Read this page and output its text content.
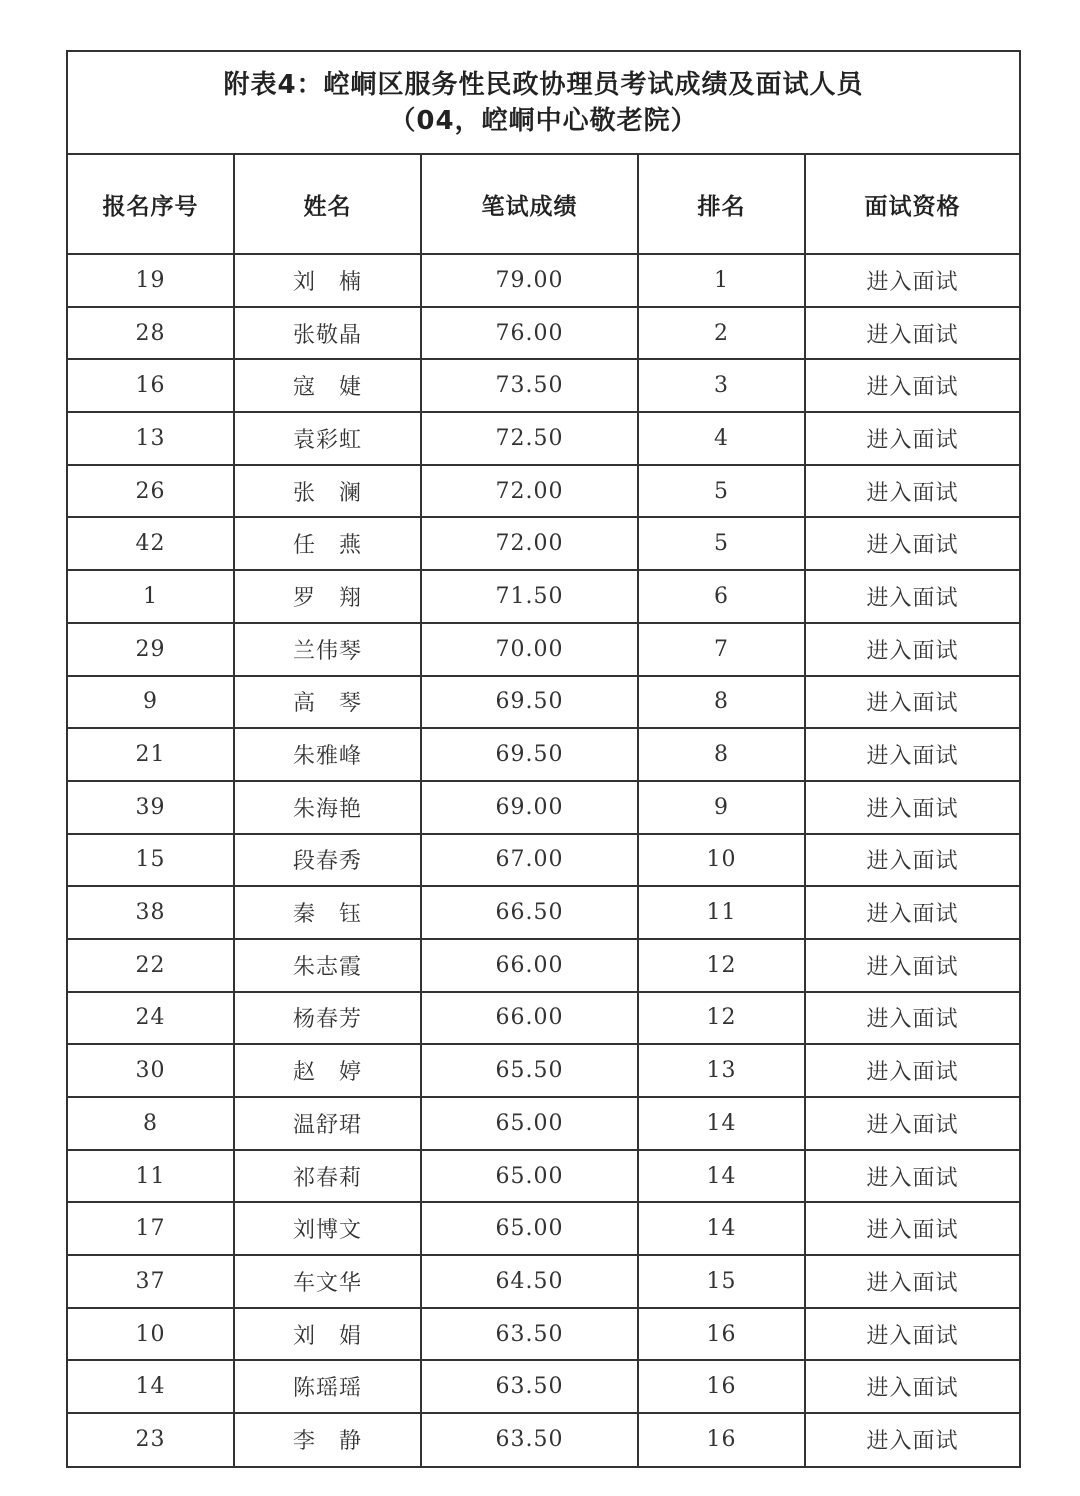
附表4：崆峒区服务性民政协理员考试成绩及面试人员
（04，崆峒中心敬老院）
报名序号	姓名	笔试成绩	排名	面试资格
19	刘　楠	79.00	1	进入面试
28	张敬晶	76.00	2	进入面试
16	寇　婕	73.50	3	进入面试
13	袁彩虹	72.50	4	进入面试
26	张　澜	72.00	5	进入面试
42	任　燕	72.00	5	进入面试
1	罗　翔	71.50	6	进入面试
29	兰伟琴	70.00	7	进入面试
9	高　琴	69.50	8	进入面试
21	朱雅峰	69.50	8	进入面试
39	朱海艳	69.00	9	进入面试
15	段春秀	67.00	10	进入面试
38	秦　钰	66.50	11	进入面试
22	朱志霞	66.00	12	进入面试
24	杨春芳	66.00	12	进入面试
30	赵　婷	65.50	13	进入面试
8	温舒珺	65.00	14	进入面试
11	祁春莉	65.00	14	进入面试
17	刘博文	65.00	14	进入面试
37	车文华	64.50	15	进入面试
10	刘　娟	63.50	16	进入面试
14	陈瑶瑶	63.50	16	进入面试
23	李　静	63.50	16	进入面试
